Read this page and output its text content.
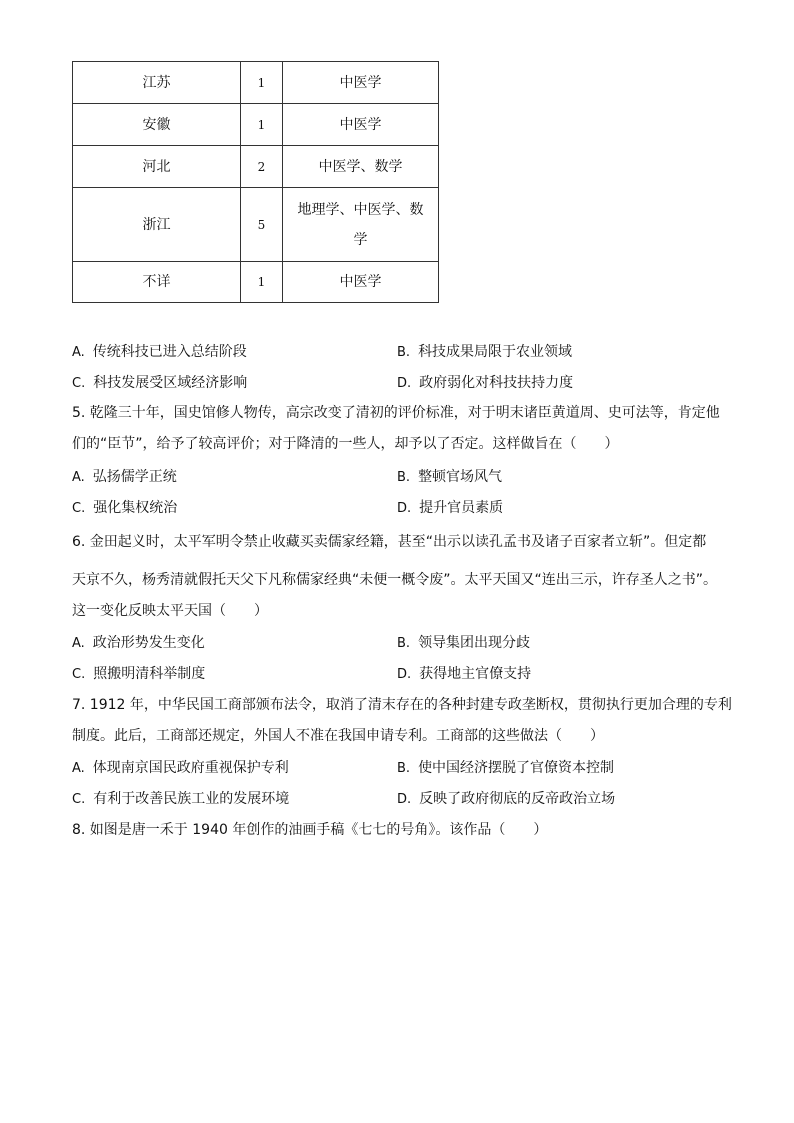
江苏	1	中医学
安徽	1	中医学
河北	2	中医学、数学
浙江	5	地理学、中医学、数
学

不详	1	中医学
A. 传统科技已进入总结阶段	B. 科技成果局限于农业领域
C. 科技发展受区域经济影响	D. 政府弱化对科技扶持力度
5. 乾隆三十年，国史馆修人物传，高宗改变了清初的评价标准，对于明末诸臣黄道周、史可法等，肯定他
们的“臣节”，给予了较高评价；对于降清的一些人，却予以了否定。这样做旨在（　　）
A. 弘扬儒学正统	B. 整顿官场风气
C. 强化集权统治	D. 提升官员素质
6. 金田起义时，太平军明令禁止收藏买卖儒家经籍，甚至“出示以读孔孟书及诸子百家者立斩”。但定都
天京不久，杨秀清就假托天父下凡称儒家经典“未便一概令废”。太平天国又“连出三示，许存圣人之书”。
这一变化反映太平天国（　　）
A. 政治形势发生变化	B. 领导集团出现分歧
C. 照搬明清科举制度	D. 获得地主官僚支持
7. 1912 年，中华民国工商部颁布法令，取消了清末存在的各种封建专政垄断权，贯彻执行更加合理的专利
制度。此后，工商部还规定，外国人不准在我国申请专利。工商部的这些做法（　　）
A. 体现南京国民政府重视保护专利	B. 使中国经济摆脱了官僚资本控制
C. 有利于改善民族工业的发展环境	D. 反映了政府彻底的反帝政治立场
8. 如图是唐一禾于 1940 年创作的油画手稿《七七的号角》。该作品（　　）
